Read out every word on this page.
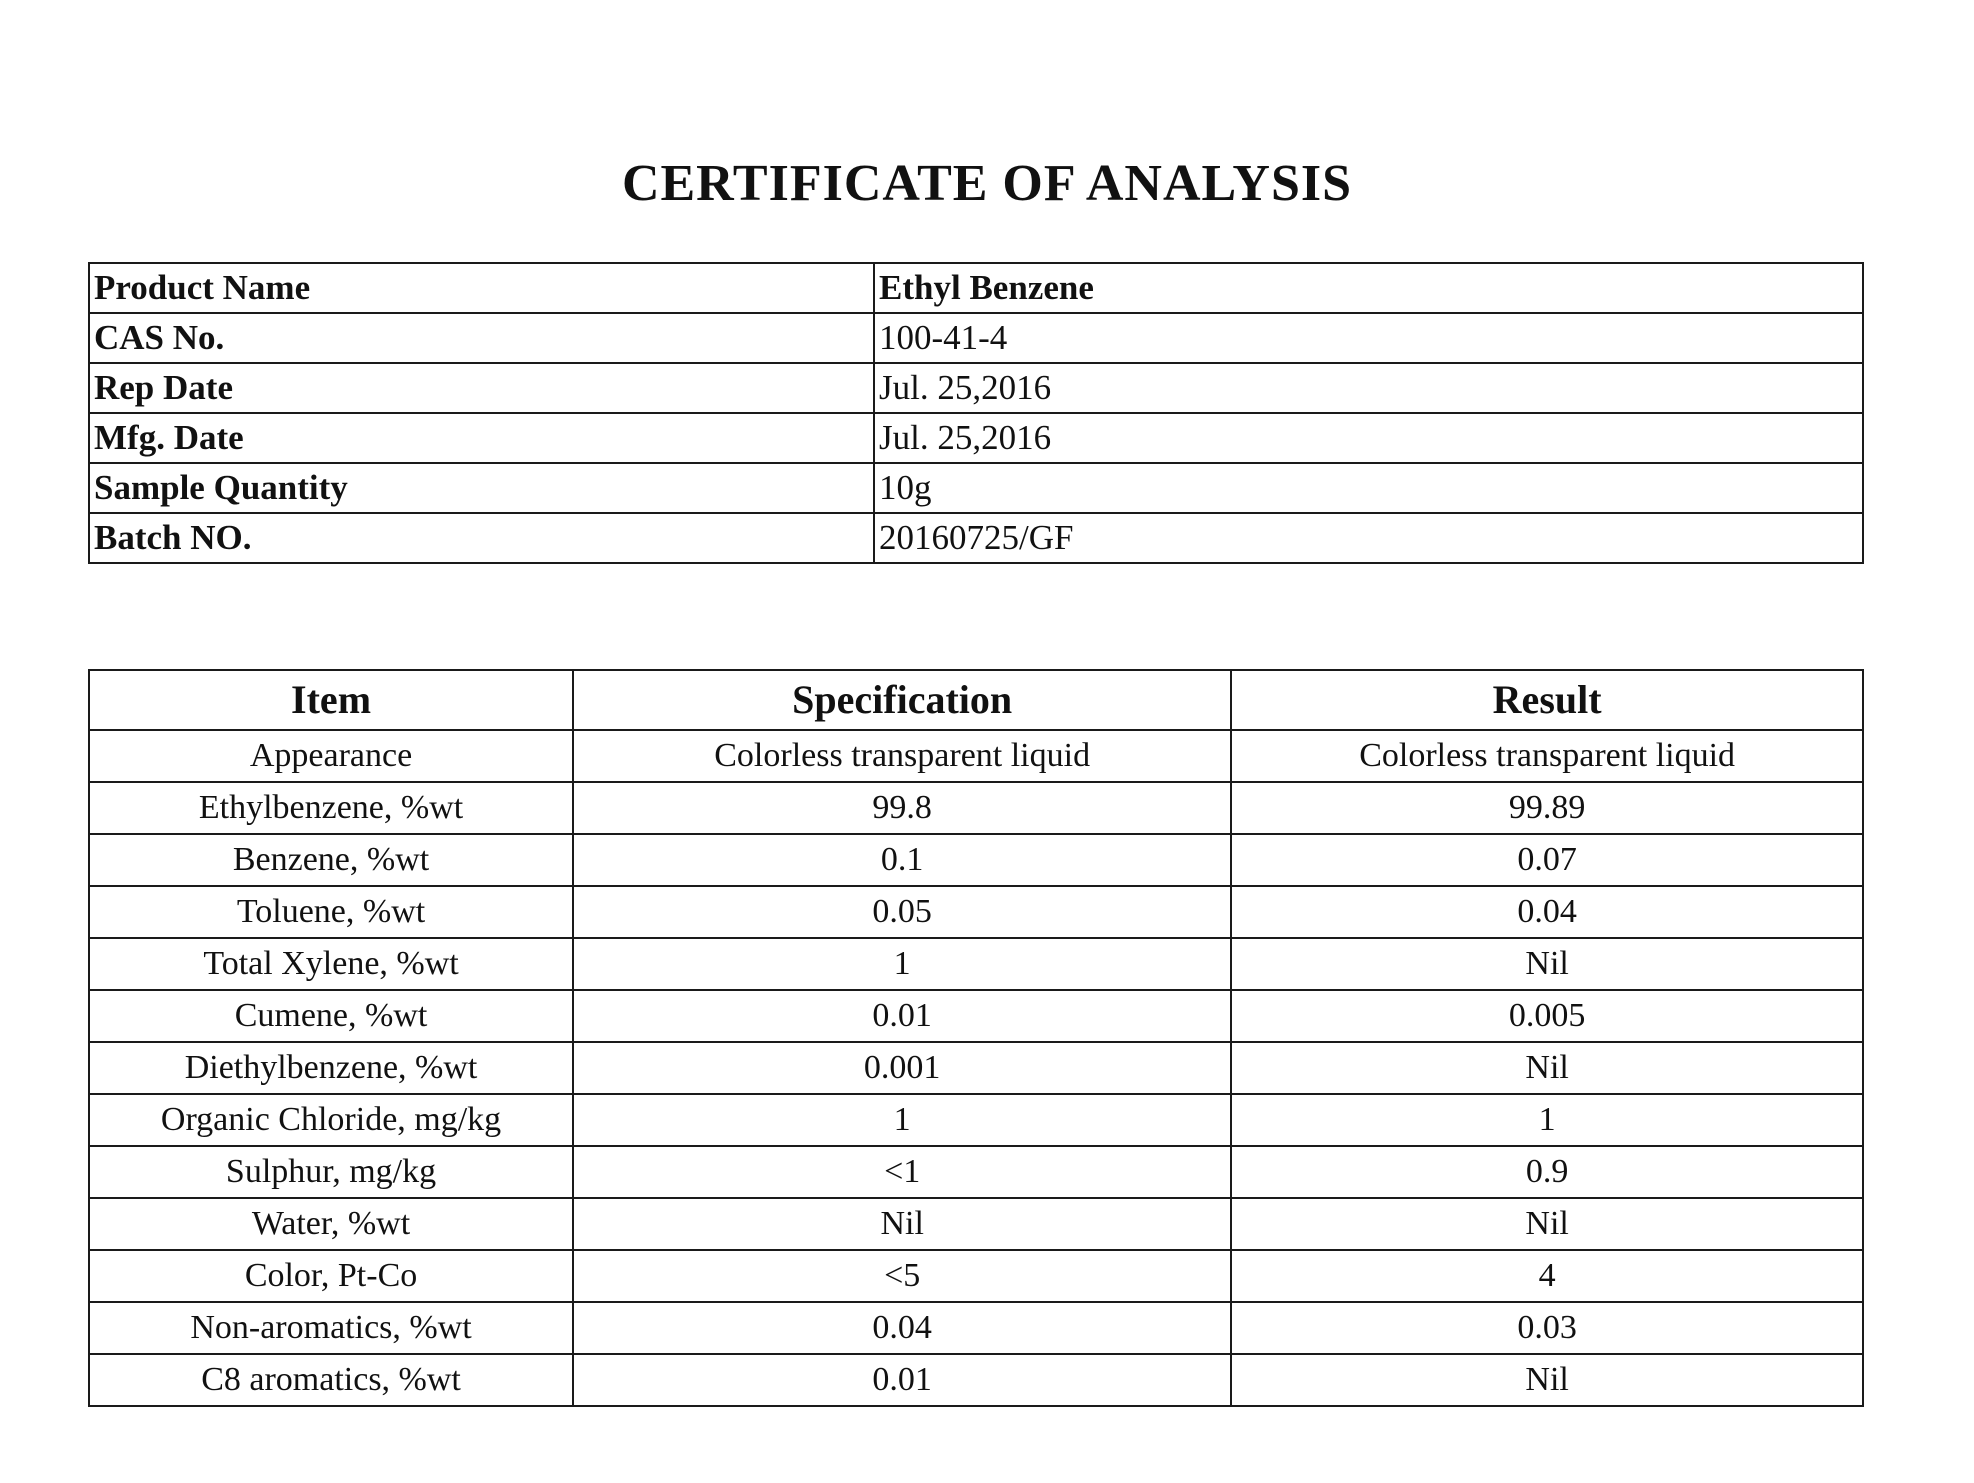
CERTIFICATE OF ANALYSIS
Product Name	Ethyl Benzene
CAS No.	100-41-4
Rep Date	Jul. 25,2016
Mfg. Date	Jul. 25,2016
Sample Quantity	10g
Batch NO.	20160725/GF
Item	Specification	Result
Appearance	Colorless transparent liquid	Colorless transparent liquid
Ethylbenzene, %wt	99.8	99.89
Benzene, %wt	0.1	0.07
Toluene, %wt	0.05	0.04
Total Xylene, %wt	1	Nil
Cumene, %wt	0.01	0.005
Diethylbenzene, %wt	0.001	Nil
Organic Chloride, mg/kg	1	1
Sulphur, mg/kg	<1	0.9
Water, %wt	Nil	Nil
Color, Pt-Co	<5	4
Non-aromatics, %wt	0.04	0.03
C8 aromatics, %wt	0.01	Nil
